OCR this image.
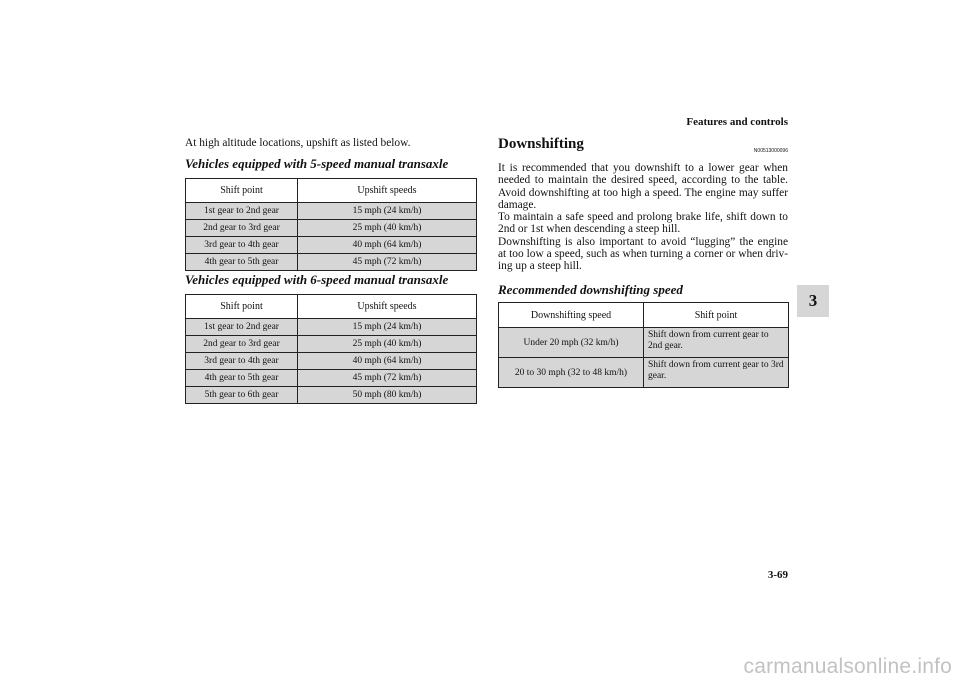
Features and controls
3
At high altitude locations, upshift as listed below.
Vehicles equipped with 5-speed manual transaxle
Shift point	Upshift speeds
1st gear to 2nd gear	15 mph (24 km/h)
2nd gear to 3rd gear	25 mph (40 km/h)
3rd gear to 4th gear	40 mph (64 km/h)
4th gear to 5th gear	45 mph (72 km/h)
Vehicles equipped with 6-speed manual transaxle
Shift point	Upshift speeds
1st gear to 2nd gear	15 mph (24 km/h)
2nd gear to 3rd gear	25 mph (40 km/h)
3rd gear to 4th gear	40 mph (64 km/h)
4th gear to 5th gear	45 mph (72 km/h)
5th gear to 6th gear	50 mph (80 km/h)
Downshifting	N00513000096

It is recommended that you downshift to a lower gear when needed to maintain the desired speed, according to the table. Avoid downshifting at too high a speed. The engine may suffer damage.

To maintain a safe speed and prolong brake life, shift down to 2nd or 1st when descending a steep hill.

Downshifting is also important to avoid “lugging” the engine at too low a speed, such as when turning a corner or when driv-ing up a steep hill.

Recommended downshifting speed
Downshifting speed	Shift point
Under 20 mph (32 km/h)	Shift down from current gear to 2nd gear.
20 to 30 mph (32 to 48 km/h)	Shift down from current gear to 3rd gear.
3-69
carmanualsonline.info
